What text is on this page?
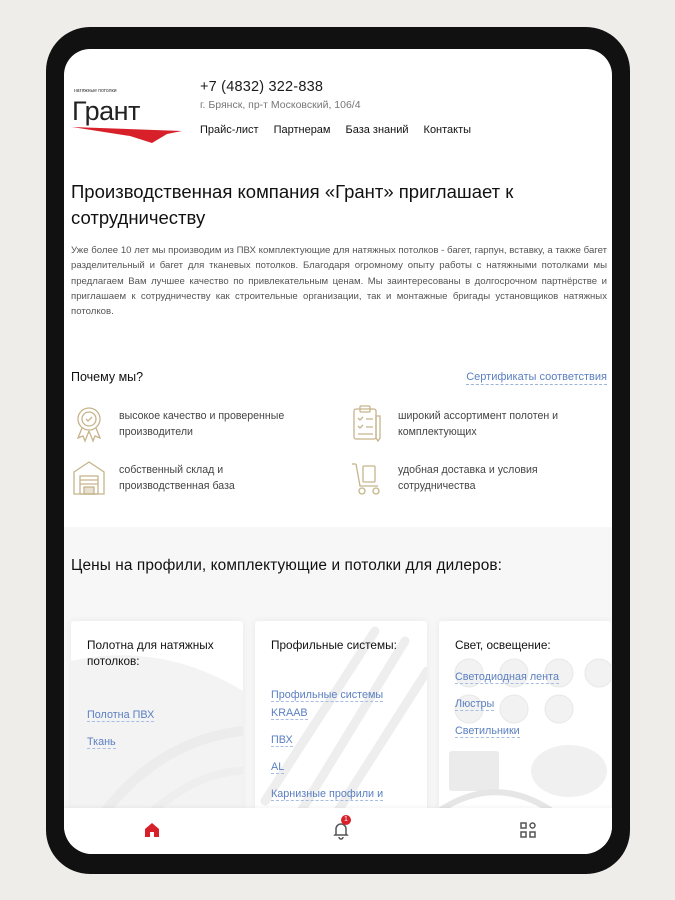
натяжные потолки
Грант
+7 (4832) 322-838
г. Брянск, пр-т Московский, 106/4
Прайс-лист Партнерам База знаний Контакты
Производственная компания «Грант» приглашает к сотрудничеству

Уже более 10 лет мы производим из ПВХ комплектующие для натяжных потолков - багет, гарпун, вставку, а также багет разделительный и багет для тканевых потолков. Благодаря огромному опыту работы с натяжными потолками мы предлагаем Вам лучшее качество по привлекательным ценам. Мы заинтересованы в долгосрочном партнёрстве и приглашаем к сотрудничеству как строительные организации, так и монтажные бригады установщиков натяжных потолков.

Почему мы?	Сертификаты соответствия
высокое качество и проверенные производители
широкий ассортимент полотен и комплектующих
собственный склад и производственная база
удобная доставка и условия сотрудничества
Цены на профили, комплектующие и потолки для дилеров:
Полотна для натяжных потолков:
Полотна ПВХ
Ткань
Профильные системы:
Профильные системы KRAAB
ПВХ
AL
Карнизные профили и
Свет, освещение:
Светодиодная лента
Люстры
Светильники
1
